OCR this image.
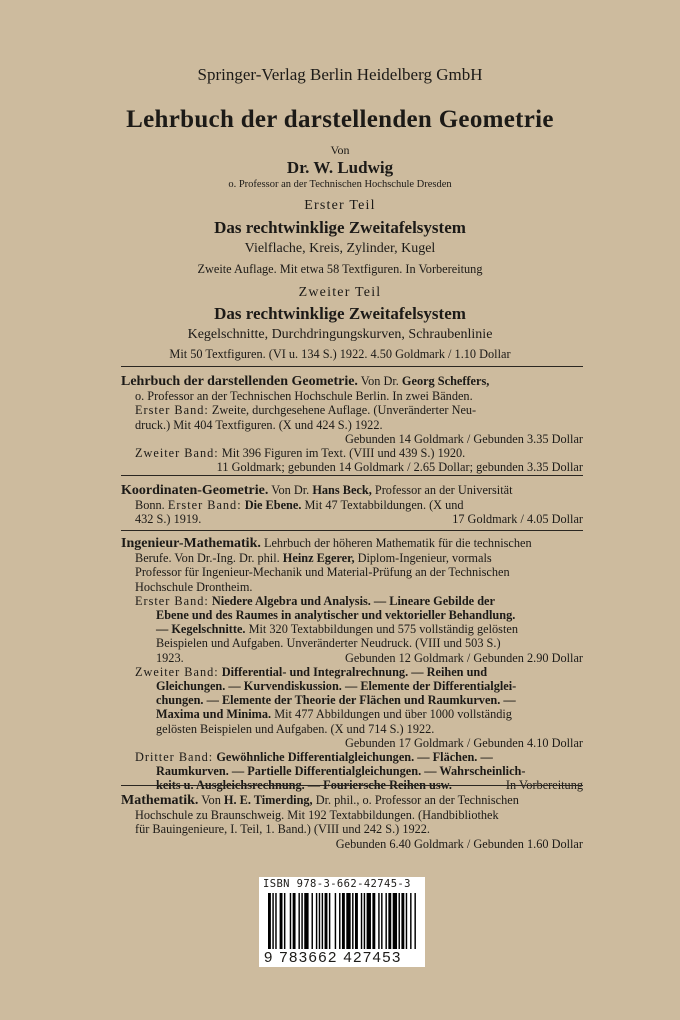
Springer-Verlag Berlin Heidelberg GmbH
Lehrbuch der darstellenden Geometrie
Von
Dr. W. Ludwig
o. Professor an der Technischen Hochschule Dresden
Erster Teil
Das rechtwinklige Zweitafelsystem
Vielflache, Kreis, Zylinder, Kugel
Zweite Auflage. Mit etwa 58 Textfiguren. In Vorbereitung
Zweiter Teil
Das rechtwinklige Zweitafelsystem
Kegelschnitte, Durchdringungskurven, Schraubenlinie
Mit 50 Textfiguren. (VI u. 134 S.) 1922. 4.50 Goldmark / 1.10 Dollar
Lehrbuch der darstellenden Geometrie. Von Dr. Georg Scheffers,
o. Professor an der Technischen Hochschule Berlin. In zwei Bänden.
Erster Band: Zweite, durchgesehene Auflage. (Unveränderter Neu-
druck.) Mit 404 Textfiguren. (X und 424 S.) 1922.
Gebunden 14 Goldmark / Gebunden 3.35 Dollar
Zweiter Band: Mit 396 Figuren im Text. (VIII und 439 S.) 1920.
11 Goldmark; gebunden 14 Goldmark / 2.65 Dollar; gebunden 3.35 Dollar
Koordinaten-Geometrie. Von Dr. Hans Beck, Professor an der Universität
Bonn. Erster Band: Die Ebene. Mit 47 Textabbildungen. (X und
432 S.) 1919.	17 Goldmark / 4.05 Dollar
Ingenieur-Mathematik. Lehrbuch der höheren Mathematik für die technischen
Berufe. Von Dr.-Ing. Dr. phil. Heinz Egerer, Diplom-Ingenieur, vormals
Professor für Ingenieur-Mechanik und Material-Prüfung an der Technischen
Hochschule Drontheim.
Erster Band: Niedere Algebra und Analysis. — Lineare Gebilde der
Ebene und des Raumes in analytischer und vektorieller Behandlung.
— Kegelschnitte. Mit 320 Textabbildungen und 575 vollständig gelösten
Beispielen und Aufgaben. Unveränderter Neudruck. (VIII und 503 S.)
1923.	Gebunden 12 Goldmark / Gebunden 2.90 Dollar
Zweiter Band: Differential- und Integralrechnung. — Reihen und
Gleichungen. — Kurvendiskussion. — Elemente der Differentialglei-
chungen. — Elemente der Theorie der Flächen und Raumkurven. —
Maxima und Minima. Mit 477 Abbildungen und über 1000 vollständig
gelösten Beispielen und Aufgaben. (X und 714 S.) 1922.
Gebunden 17 Goldmark / Gebunden 4.10 Dollar
Dritter Band: Gewöhnliche Differentialgleichungen. — Flächen. —
Raumkurven. — Partielle Differentialgleichungen. — Wahrscheinlich-
keits u. Ausgleichsrechnung. — Fouriersche Reihen usw.	In Vorbereitung
Mathematik. Von H. E. Timerding, Dr. phil., o. Professor an der Technischen
Hochschule zu Braunschweig. Mit 192 Textabbildungen. (Handbibliothek
für Bauingenieure, I. Teil, 1. Band.) (VIII und 242 S.) 1922.
Gebunden 6.40 Goldmark / Gebunden 1.60 Dollar
ISBN 978-3-662-42745-3
9 783662 427453
